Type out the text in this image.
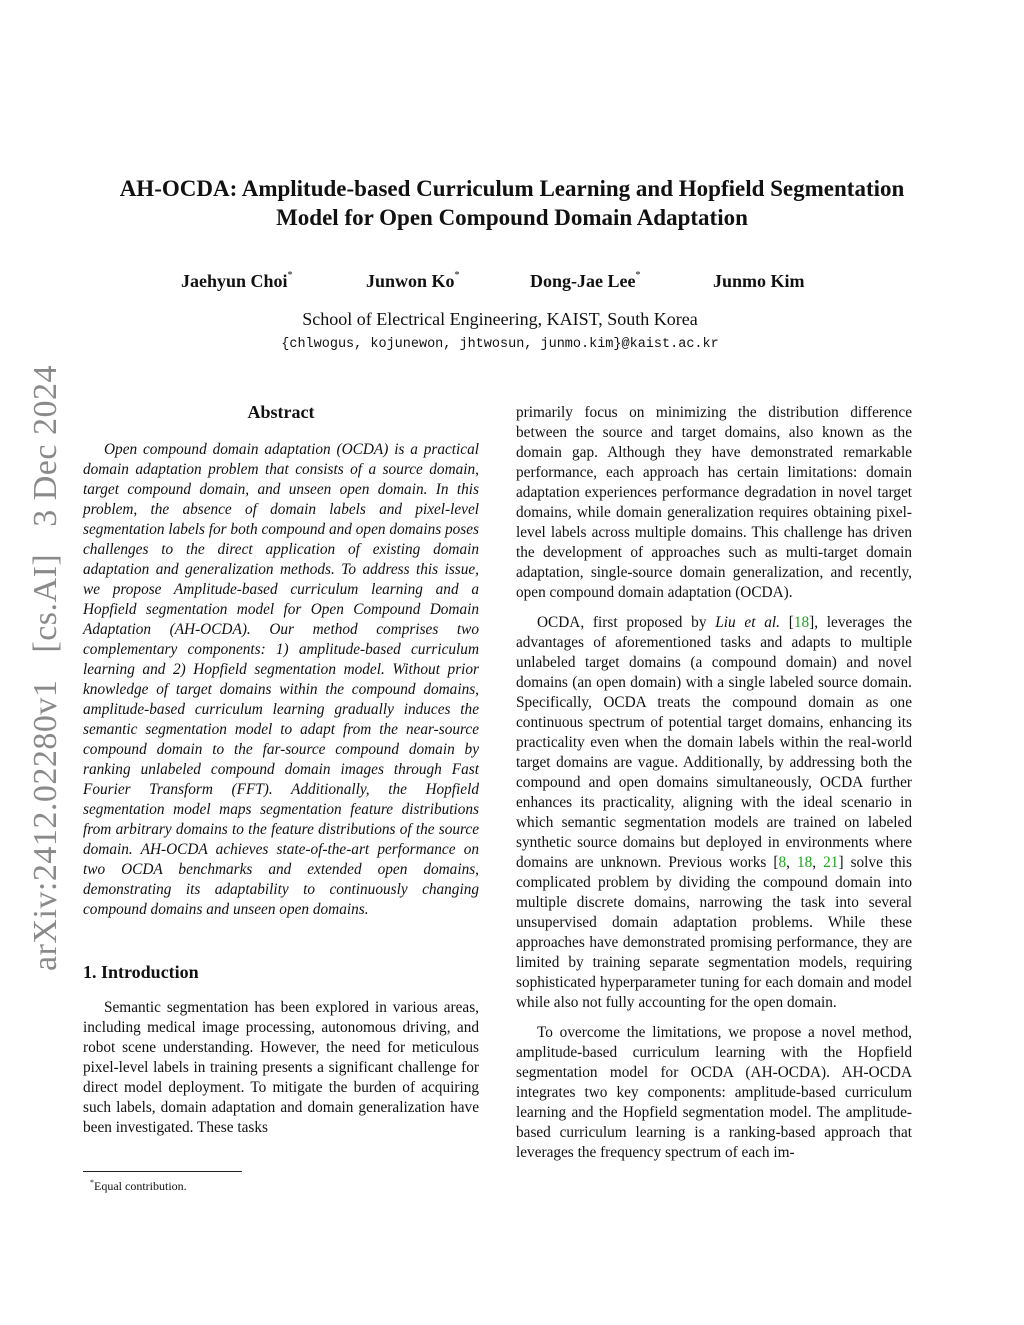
arXiv:2412.02280v1 [cs.AI] 3 Dec 2024
AH-OCDA: Amplitude-based Curriculum Learning and Hopfield Segmentation
Model for Open Compound Domain Adaptation
Jaehyun Choi*	Junwon Ko*	Dong-Jae Lee*	Junmo Kim
School of Electrical Engineering, KAIST, South Korea
{chlwogus, kojunewon, jhtwosun, junmo.kim}@kaist.ac.kr
Abstract

Open compound domain adaptation (OCDA) is a practical domain adaptation problem that consists of a source domain, target compound domain, and unseen open domain. In this problem, the absence of domain labels and pixel-level segmentation labels for both compound and open domains poses challenges to the direct application of existing domain adaptation and generalization methods. To address this issue, we propose Amplitude-based curriculum learning and a Hopfield segmentation model for Open Compound Domain Adaptation (AH-OCDA). Our method comprises two complementary components: 1) amplitude-based curriculum learning and 2) Hopfield segmentation model. Without prior knowledge of target domains within the compound domains, amplitude-based curriculum learning gradually induces the semantic segmentation model to adapt from the near-source compound domain to the far-source compound domain by ranking unlabeled compound domain images through Fast Fourier Transform (FFT). Additionally, the Hopfield segmentation model maps segmentation feature distributions from arbitrary domains to the feature distributions of the source domain. AH-OCDA achieves state-of-the-art performance on two OCDA benchmarks and extended open domains, demonstrating its adaptability to continuously changing compound domains and unseen open domains.

1. Introduction

Semantic segmentation has been explored in various areas, including medical image processing, autonomous driving, and robot scene understanding. However, the need for meticulous pixel-level labels in training presents a significant challenge for direct model deployment. To mitigate the burden of acquiring such labels, domain adaptation and domain generalization have been investigated. These tasks

primarily focus on minimizing the distribution difference between the source and target domains, also known as the domain gap. Although they have demonstrated remarkable performance, each approach has certain limitations: domain adaptation experiences performance degradation in novel target domains, while domain generalization requires obtaining pixel-level labels across multiple domains. This challenge has driven the development of approaches such as multi-target domain adaptation, single-source domain generalization, and recently, open compound domain adaptation (OCDA).

OCDA, first proposed by Liu et al. [18], leverages the advantages of aforementioned tasks and adapts to multiple unlabeled target domains (a compound domain) and novel domains (an open domain) with a single labeled source domain. Specifically, OCDA treats the compound domain as one continuous spectrum of potential target domains, enhancing its practicality even when the domain labels within the real-world target domains are vague. Additionally, by addressing both the compound and open domains simultaneously, OCDA further enhances its practicality, aligning with the ideal scenario in which semantic segmentation models are trained on labeled synthetic source domains but deployed in environments where domains are unknown. Previous works [8, 18, 21] solve this complicated problem by dividing the compound domain into multiple discrete domains, narrowing the task into several unsupervised domain adaptation problems. While these approaches have demonstrated promising performance, they are limited by training separate segmentation models, requiring sophisticated hyperparameter tuning for each domain and model while also not fully accounting for the open domain.

To overcome the limitations, we propose a novel method, amplitude-based curriculum learning with the Hopfield segmentation model for OCDA (AH-OCDA). AH-OCDA integrates two key components: amplitude-based curriculum learning and the Hopfield segmentation model. The amplitude-based curriculum learning is a ranking-based approach that leverages the frequency spectrum of each im-

*Equal contribution.
